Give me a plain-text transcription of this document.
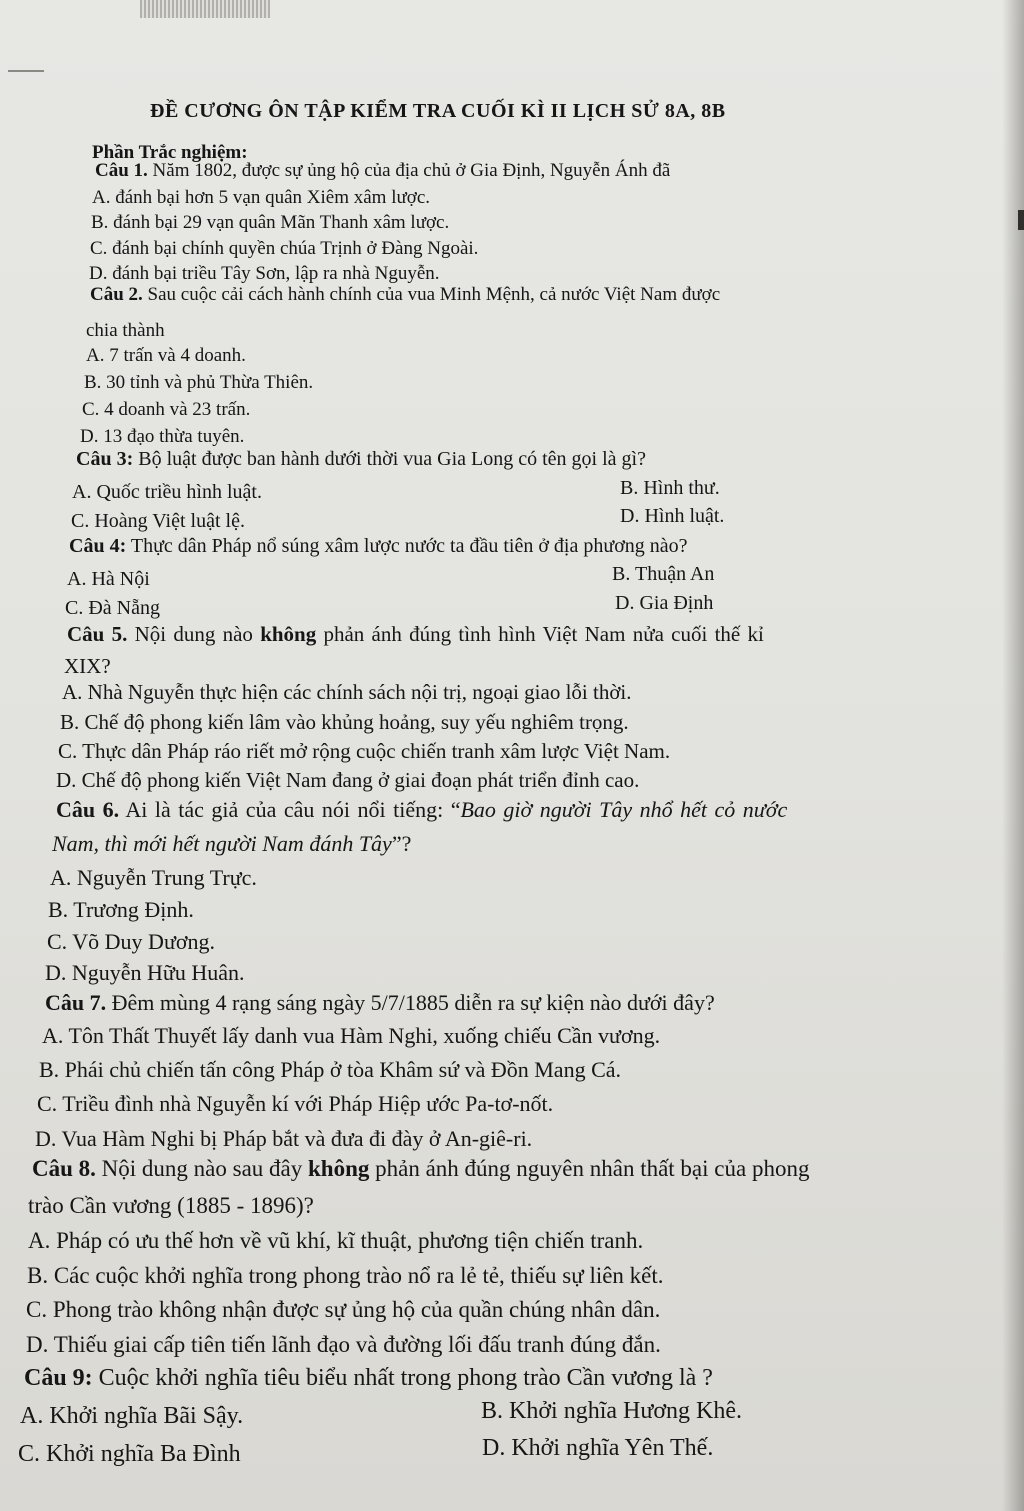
ĐỀ CƯƠNG ÔN TẬP KIỂM TRA CUỐI KÌ II LỊCH SỬ 8A, 8B
Phần Trắc nghiệm:
Câu 1. Năm 1802, được sự ủng hộ của địa chủ ở Gia Định, Nguyễn Ánh đã
A. đánh bại hơn 5 vạn quân Xiêm xâm lược.
B. đánh bại 29 vạn quân Mãn Thanh xâm lược.
C. đánh bại chính quyền chúa Trịnh ở Đàng Ngoài.
D. đánh bại triều Tây Sơn, lập ra nhà Nguyễn.
Câu 2. Sau cuộc cải cách hành chính của vua Minh Mệnh, cả nước Việt Nam được
chia thành
A. 7 trấn và 4 doanh.
B. 30 tỉnh và phủ Thừa Thiên.
C. 4 doanh và 23 trấn.
D. 13 đạo thừa tuyên.
Câu 3: Bộ luật được ban hành dưới thời vua Gia Long có tên gọi là gì?
A. Quốc triều hình luật.	B. Hình thư.
C. Hoàng Việt luật lệ.	D. Hình luật.
Câu 4: Thực dân Pháp nổ súng xâm lược nước ta đầu tiên ở địa phương nào?
A. Hà Nội	B. Thuận An
C. Đà Nẵng	D. Gia Định
Câu 5. Nội dung nào không phản ánh đúng tình hình Việt Nam nửa cuối thế kỉ
XIX?
A. Nhà Nguyễn thực hiện các chính sách nội trị, ngoại giao lỗi thời.
B. Chế độ phong kiến lâm vào khủng hoảng, suy yếu nghiêm trọng.
C. Thực dân Pháp ráo riết mở rộng cuộc chiến tranh xâm lược Việt Nam.
D. Chế độ phong kiến Việt Nam đang ở giai đoạn phát triển đỉnh cao.
Câu 6. Ai là tác giả của câu nói nổi tiếng: “Bao giờ người Tây nhổ hết cỏ nước
Nam, thì mới hết người Nam đánh Tây”?
A. Nguyễn Trung Trực.
B. Trương Định.
C. Võ Duy Dương.
D. Nguyễn Hữu Huân.
Câu 7. Đêm mùng 4 rạng sáng ngày 5/7/1885 diễn ra sự kiện nào dưới đây?
A. Tôn Thất Thuyết lấy danh vua Hàm Nghi, xuống chiếu Cần vương.
B. Phái chủ chiến tấn công Pháp ở tòa Khâm sứ và Đồn Mang Cá.
C. Triều đình nhà Nguyễn kí với Pháp Hiệp ước Pa-tơ-nốt.
D. Vua Hàm Nghi bị Pháp bắt và đưa đi đày ở An-giê-ri.
Câu 8. Nội dung nào sau đây không phản ánh đúng nguyên nhân thất bại của phong
trào Cần vương (1885 - 1896)?
A. Pháp có ưu thế hơn về vũ khí, kĩ thuật, phương tiện chiến tranh.
B. Các cuộc khởi nghĩa trong phong trào nổ ra lẻ tẻ, thiếu sự liên kết.
C. Phong trào không nhận được sự ủng hộ của quần chúng nhân dân.
D. Thiếu giai cấp tiên tiến lãnh đạo và đường lối đấu tranh đúng đắn.
Câu 9: Cuộc khởi nghĩa tiêu biểu nhất trong phong trào Cần vương là ?
A. Khởi nghĩa Bãi Sậy.	B. Khởi nghĩa Hương Khê.
C. Khởi nghĩa Ba Đình	D. Khởi nghĩa Yên Thế.
